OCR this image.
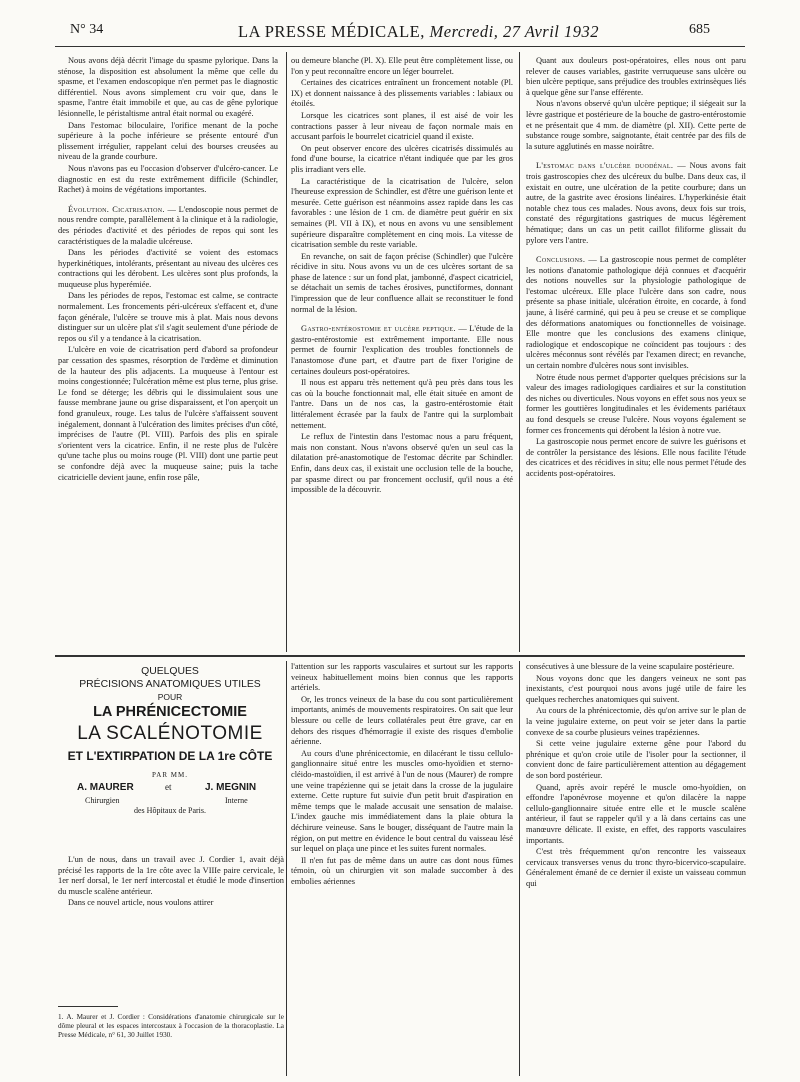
N° 34	LA PRESSE MÉDICALE, Mercredi, 27 Avril 1932	685

Nous avons déjà décrit l'image du spasme pylorique. Dans la sténose, la disposition est absolument la même que celle du spasme, et l'examen endoscopique n'en permet pas le diagnostic différentiel. Nous avons simplement cru voir que, dans le spasme, l'antre était immobile et que, au cas de gêne pylorique lésionnelle, le péristaltisme antral était normal ou exagéré.

Dans l'estomac biloculaire, l'orifice menant de la poche supérieure à la poche inférieure se présente entouré d'un plissement irrégulier, rappelant celui des bourses creusées au niveau de la grande courbure.

Nous n'avons pas eu l'occasion d'observer d'ulcéro-cancer. Le diagnostic en est du reste extrêmement difficile (Schindler, Rachet) à moins de végétations importantes.

Évolution. Cicatrisation. — L'endoscopie nous permet de nous rendre compte, parallèlement à la clinique et à la radiologie, des périodes d'activité et des périodes de repos qui sont les caractéristiques de la maladie ulcéreuse.

Dans les périodes d'activité se voient des estomacs hyperkinétiques, intolérants, présentant au niveau des ulcères ces contractions qui les dérobent. Les ulcères sont plus profonds, la muqueuse plus hyperémiée.

Dans les périodes de repos, l'estomac est calme, se contracte normalement. Les froncements péri-ulcéreux s'effacent et, d'une façon générale, l'ulcère se trouve mis à plat. Mais nous devons distinguer sur un ulcère plat s'il s'agit seulement d'une période de repos ou s'il y a tendance à la cicatrisation.

L'ulcère en voie de cicatrisation perd d'abord sa profondeur par cessation des spasmes, résorption de l'œdème et diminution de la hauteur des plis adjacents. La muqueuse à l'entour est moins congestionnée; l'ulcération même est plus terne, plus grise. Le fond se déterge; les débris qui le dissimulaient sous une fausse membrane jaune ou grise disparaissent, et l'on aperçoit un fond granuleux, rouge. Les talus de l'ulcère s'affaissent souvent inégalement, donnant à l'ulcération des limites précises d'un côté, imprécises de l'autre (Pl. VIII). Parfois des plis en spirale s'orientent vers la cicatrice. Enfin, il ne reste plus de l'ulcère qu'une tache plus ou moins rouge (Pl. VIII) dont une partie peut se confondre déjà avec la muqueuse saine; puis la tache cicatricielle devient jaune, enfin rose pâle,

ou demeure blanche (Pl. X). Elle peut être complètement lisse, ou l'on y peut reconnaître encore un léger bourrelet.

Certaines des cicatrices entraînent un froncement notable (Pl. IX) et donnent naissance à des plissements variables : labiaux ou étoilés.

Lorsque les cicatrices sont planes, il est aisé de voir les contractions passer à leur niveau de façon normale mais en accusant parfois le bourrelet cicatriciel quand il existe.

On peut observer encore des ulcères cicatrisés dissimulés au fond d'une bourse, la cicatrice n'étant indiquée que par les gros plis irradiant vers elle.

La caractéristique de la cicatrisation de l'ulcère, selon l'heureuse expression de Schindler, est d'être une guérison lente et mesurée. Cette guérison est néanmoins assez rapide dans les cas favorables : une lésion de 1 cm. de diamètre peut guérir en six semaines (Pl. VII à IX), et nous en avons vu une sensiblement supérieure disparaître complètement en cinq mois. La vitesse de cicatrisation semble du reste variable.

En revanche, on sait de façon précise (Schindler) que l'ulcère récidive in situ. Nous avons vu un de ces ulcères sortant de sa phase de latence : sur un fond plat, jambonné, d'aspect cicatriciel, se détachait un semis de taches érosives, punctiformes, donnant l'impression que de leur confluence allait se reconstituer le fond normal de la lésion.

Gastro-entérostomie et ulcère peptique. — L'étude de la gastro-entérostomie est extrêmement importante. Elle nous permet de fournir l'explication des troubles fonctionnels de l'anastomose d'une part, et d'autre part de fixer l'origine de certaines douleurs post-opératoires.

Il nous est apparu très nettement qu'à peu près dans tous les cas où la bouche fonctionnait mal, elle était située en amont de l'antre. Dans un de nos cas, la gastro-entérostomie était littéralement écrasée par la faulx de l'antre qui la surplombait nettement.

Le reflux de l'intestin dans l'estomac nous a paru fréquent, mais non constant. Nous n'avons observé qu'en un seul cas la dilatation pré-anastomotique de l'estomac décrite par Schindler. Enfin, dans deux cas, il existait une occlusion telle de la bouche, par spasme direct ou par froncement occlusif, qu'il nous a été impossible de la découvrir.

Quant aux douleurs post-opératoires, elles nous ont paru relever de causes variables, gastrite verruqueuse sans ulcère ou bien ulcère peptique, sans préjudice des troubles extrinsèques liés à quelque gêne sur l'anse efférente.

Nous n'avons observé qu'un ulcère peptique; il siégeait sur la lèvre gastrique et postérieure de la bouche de gastro-entérostomie et ne présentait que 4 mm. de diamètre (pl. XII). Cette perte de substance rouge sombre, saignotante, était centrée par des fils de la suture agglutinés en masse noirâtre.

L'estomac dans l'ulcère duodénal. — Nous avons fait trois gastroscopies chez des ulcéreux du bulbe. Dans deux cas, il existait en outre, une ulcération de la petite courbure; dans un autre, de la gastrite avec érosions linéaires. L'hyperkinésie était notable chez tous ces malades. Nous avons, deux fois sur trois, constaté des régurgitations gastriques de mucus légèrement hématique; dans un cas un petit caillot filiforme glissait du pylore vers l'antre.

Conclusions. — La gastroscopie nous permet de compléter les notions d'anatomie pathologique déjà connues et d'acquérir des notions nouvelles sur la physiologie pathologique de l'estomac ulcéreux. Elle place l'ulcère dans son cadre, nous présente sa phase initiale, ulcération étroite, en cocarde, à fond jaune, à liséré carminé, qui peu à peu se creuse et se complique des déformations anatomiques ou fonctionnelles de voisinage. Elle montre que les conclusions des examens clinique, radiologique et endoscopique ne coïncident pas toujours : des ulcères méconnus sont révélés par l'examen direct; en revanche, un certain nombre d'ulcères nous sont invisibles.

Notre étude nous permet d'apporter quelques précisions sur la valeur des images radiologiques cardiaires et sur la constitution des niches ou diverticules. Nous voyons en effet sous nos yeux se former les gouttières longitudinales et les évidements pariétaux au fond desquels se creuse l'ulcère. Nous voyons également se former ces froncements qui dérobent la lésion à notre vue.

La gastroscopie nous permet encore de suivre les guérisons et de contrôler la persistance des lésions. Elle nous facilite l'étude des cicatrices et des récidives in situ; elle nous permet l'étude des accidents post-opératoires.

QUELQUES
PRÉCISIONS ANATOMIQUES UTILES
POUR
LA PHRÉNICECTOMIE
LA SCALÉNOTOMIE
ET L'EXTIRPATION DE LA 1re CÔTE
PAR MM.
A. MAURER	et	J. MEGNIN
Chirurgien	Interne
des Hôpitaux de Paris.

L'un de nous, dans un travail avec J. Cordier 1, avait déjà précisé les rapports de la 1re côte avec la VIIIe paire cervicale, le 1er nerf dorsal, le 1er nerf intercostal et étudié le mode d'insertion du muscle scalène antérieur.

Dans ce nouvel article, nous voulons attirer

1. A. Maurer et J. Cordier : Considérations d'anatomie chirurgicale sur le dôme pleural et les espaces intercostaux à l'occasion de la thoracoplastie. La Presse Médicale, n° 61, 30 Juillet 1930.

l'attention sur les rapports vasculaires et surtout sur les rapports veineux habituellement moins bien connus que les rapports artériels.

Or, les troncs veineux de la base du cou sont particulièrement importants, animés de mouvements respiratoires. On sait que leur blessure ou celle de leurs collatérales peut être grave, car en dehors des risques d'hémorragie il existe des risques d'embolie aérienne.

Au cours d'une phrénicectomie, en dilacérant le tissu cellulo-ganglionnaire situé entre les muscles omo-hyoïdien et sterno-cléido-mastoïdien, il est arrivé à l'un de nous (Maurer) de rompre une veine trapézienne qui se jetait dans la crosse de la jugulaire externe. Cette rupture fut suivie d'un petit bruit d'aspiration en même temps que le malade accusait une sensation de malaise. L'index gauche mis immédiatement dans la plaie obtura la déchirure veineuse. Sans le bouger, disséquant de l'autre main la région, on put mettre en évidence le bout central du vaisseau lésé sur lequel on plaça une pince et les suites furent normales.

Il n'en fut pas de même dans un autre cas dont nous fûmes témoin, où un chirurgien vit son malade succomber à des embolies aériennes

consécutives à une blessure de la veine scapulaire postérieure.

Nous voyons donc que les dangers veineux ne sont pas inexistants, c'est pourquoi nous avons jugé utile de faire les quelques recherches anatomiques qui suivent.

Au cours de la phrénicectomie, dès qu'on arrive sur le plan de la veine jugulaire externe, on peut voir se jeter dans la partie convexe de sa courbe plusieurs veines trapéziennes.

Si cette veine jugulaire externe gêne pour l'abord du phrénique et qu'on croie utile de l'isoler pour la sectionner, il convient donc de faire particulièrement attention au dégagement de son bord postérieur.

Quand, après avoir repéré le muscle omo-hyoïdien, on effondre l'aponévrose moyenne et qu'on dilacère la nappe cellulo-ganglionnaire située entre elle et le muscle scalène antérieur, il faut se rappeler qu'il y a là dans certains cas une manœuvre délicate. Il existe, en effet, des rapports vasculaires importants.

C'est très fréquemment qu'on rencontre les vaisseaux cervicaux transverses venus du tronc thyro-bicervico-scapulaire. Généralement émané de ce dernier il existe un vaisseau commun qui
